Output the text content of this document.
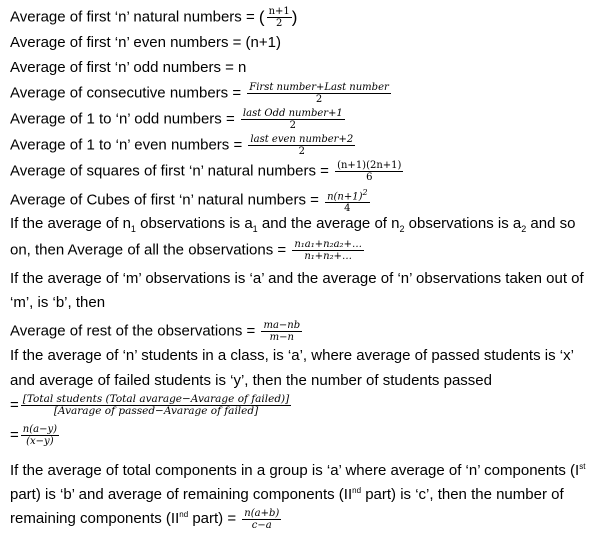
Average of first ‘n’ natural numbers = ( $\frac{n+1}{2}$ )
Average of first ‘n’ even numbers = (n+1)
Average of first ‘n’ odd numbers = n
Average of consecutive numbers = $\frac{\text{First number+Last number}}{2}$
Average of 1 to ‘n’ odd numbers = $\frac{\text{last Odd number+1}}{2}$
Average of 1 to ‘n’ even numbers = $\frac{\text{last even number+2}}{2}$
Average of squares of first ‘n’ natural numbers = $\frac{(n+1)(2n+1)}{6}$
Average of Cubes of first ‘n’ natural numbers = $\frac{n(n+1)^2}{4}$
If the average of $n_1$ observations is $a_1$ and the average of $n_2$ observations is $a_2$ and so
on, then Average of all the observations = $\frac{\text{n₁a₁+n₂a₂+…}}{\text{n₁+n₂+…}}$
If the average of ‘m’ observations is ‘a’ and the average of ‘n’ observations taken out of
‘m’, is ‘b’, then
Average of rest of the observations = $\frac{ma-nb}{m-n}$
If the average of ‘n’ students in a class, is ‘a’, where average of passed students is ‘x’
and average of failed students is ‘y’, then the number of students passed
= $\frac{\text{[Total students (Total avarage−Avarage of failed)]}}{\text{[Avarage of passed−Avarage of failed]}}$
= $\frac{n(a-y)}{(x-y)}$
If the average of total components in a group is ‘a’ where average of ‘n’ components (Ist
part) is ‘b’ and average of remaining components (IInd part) is ‘c’, then the number of
remaining components (IInd part) = $\frac{n(a+b)}{c-a}$
